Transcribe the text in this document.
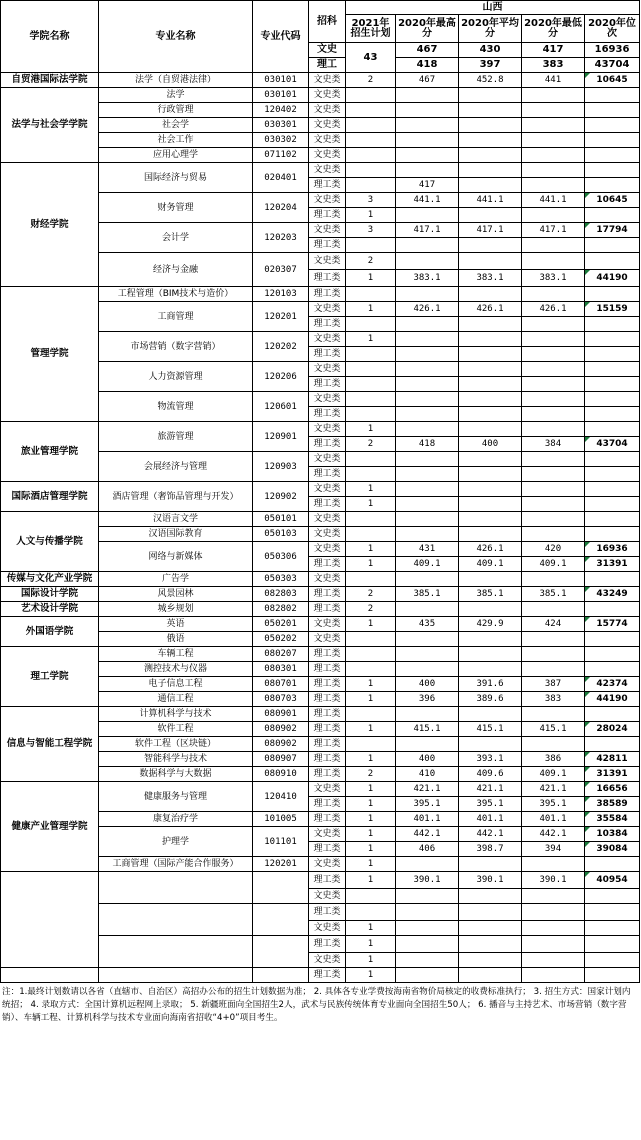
学院名称	专业名称	专业代码	招科	山西				
				2021年招生计划	2020年最高分	2020年平均分	2020年最低分	2020年位次
			文史	43	467	430	417	16936
			理工		418	397	383	43704
自贸港国际法学院	法学（自贸港法律）	030101	文史类	2	467	452.8	441	10645
法学与社会学学院	法学	030101	文史类					
	行政管理	120402	文史类					
	社会学	030301	文史类					
	社会工作	030302	文史类					
	应用心理学	071102	文史类					
财经学院	国际经济与贸易	020401	文史类					
			理工类		417			
	财务管理	120204	文史类	3	441.1	441.1	441.1	10645
			理工类	1				
	会计学	120203	文史类	3	417.1	417.1	417.1	17794
			理工类					
	经济与金融	020307	文史类	2				
			理工类	1	383.1	383.1	383.1	44190
管理学院	工程管理（BIM技术与造价）	120103	理工类					
	工商管理	120201	文史类	1	426.1	426.1	426.1	15159
			理工类					
	市场营销（数字营销）	120202	文史类	1				
			理工类					
	人力资源管理	120206	文史类					
			理工类					
	物流管理	120601	文史类					
			理工类					
旅业管理学院	旅游管理	120901	文史类	1				
			理工类	2	418	400	384	43704
	会展经济与管理	120903	文史类					
			理工类					
国际酒店管理学院	酒店管理（奢饰品管理与开发）	120902	文史类	1				
			理工类	1				
人文与传播学院	汉语言文学	050101	文史类					
	汉语国际教育	050103	文史类					
	网络与新媒体	050306	文史类	1	431	426.1	420	16936
			理工类	1	409.1	409.1	409.1	31391
传媒与文化产业学院	广告学	050303	文史类					
国际设计学院	风景园林	082803	理工类	2	385.1	385.1	385.1	43249
艺术设计学院	城乡规划	082802	理工类	2				
外国语学院	英语	050201	文史类	1	435	429.9	424	15774
	俄语	050202	文史类					
理工学院	车辆工程	080207	理工类					
	测控技术与仪器	080301	理工类					
	电子信息工程	080701	理工类	1	400	391.6	387	42374
	通信工程	080703	理工类	1	396	389.6	383	44190
信息与智能工程学院	计算机科学与技术	080901	理工类					
	软件工程	080902	理工类	1	415.1	415.1	415.1	28024
	软件工程（区块链）	080902	理工类					
	智能科学与技术	080907	理工类	1	400	393.1	386	42811
	数据科学与大数据	080910	理工类	2	410	409.6	409.1	31391
健康产业管理学院	健康服务与管理	120410	文史类	1	421.1	421.1	421.1	16656
			理工类	1	395.1	395.1	395.1	38589
	康复治疗学	101005	理工类	1	401.1	401.1	401.1	35584
	护理学	101101	文史类	1	442.1	442.1	442.1	10384
			理工类	1	406	398.7	394	39084
	工商管理（国际产能合作服务）	120201	文史类	1				
			理工类	1	390.1	390.1	390.1	40954
			文史类					
			理工类					
			文史类	1				
			理工类	1				
			文史类	1				
			理工类	1				
注：1.最终计划数请以各省（直辖市、自治区）高招办公布的招生计划数据为准； 2. 具体各专业学费按海南省物价局核定的收费标准执行； 3. 招生方式：国家计划内统招； 4. 录取方式：全国计算机远程网上录取； 5. 新疆班面向全国招生2人，武术与民族传统体育专业面向全国招生50人； 6. 播音与主持艺术、市场营销（数字营销）、车辆工程、计算机科学与技术专业面向海南省招收“4+0”项目考生。
